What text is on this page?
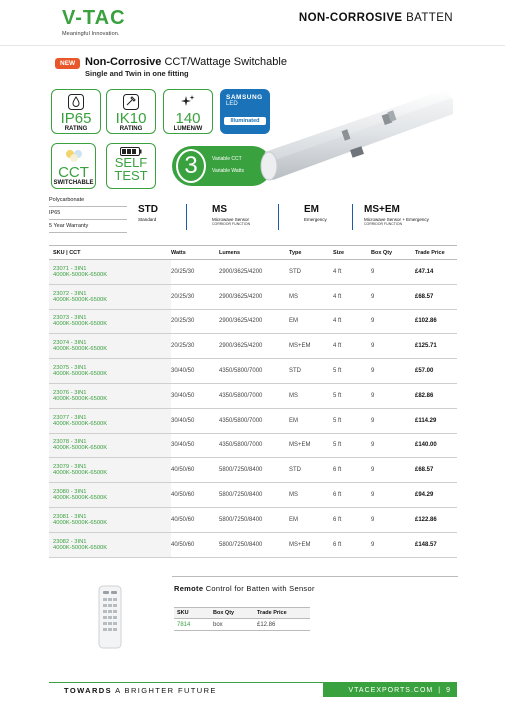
V-TAC
Meaningful Innovation.
NON-CORROSIVE BATTEN
NEW Non-Corrosive CCT/Wattage Switchable
Single and Twin in one fitting
IP65
RATING
IK10
RATING
140
LUMEN/W
SAMSUNG
LED
Illuminated
CCT
SWITCHABLE
SELF
TEST	3	Variable CCT
Variable Watts
Polycarbonate
IP65
5 Year Warranty
STD
Standard
MS
Microwave Sensor
CORRIDOR FUNCTION
EM
Emergency
MS+EM
Microwave Sensor + Emergency
CORRIDOR FUNCTION
SKU | CCT	Watts	Lumens	Type	Size	Box Qty	Trade Price
23071 - 3IN1
4000K-5000K-6500K	20/25/30	2900/3625/4200	STD	4 ft	9	£47.14
23072 - 3IN1
4000K-5000K-6500K	20/25/30	2900/3625/4200	MS	4 ft	9	£68.57
23073 - 3IN1
4000K-5000K-6500K	20/25/30	2900/3625/4200	EM	4 ft	9	£102.86
23074 - 3IN1
4000K-5000K-6500K	20/25/30	2900/3625/4200	MS+EM	4 ft	9	£125.71
23075 - 3IN1
4000K-5000K-6500K	30/40/50	4350/5800/7000	STD	5 ft	9	£57.00
23076 - 3IN1
4000K-5000K-6500K	30/40/50	4350/5800/7000	MS	5 ft	9	£82.86
23077 - 3IN1
4000K-5000K-6500K	30/40/50	4350/5800/7000	EM	5 ft	9	£114.29
23078 - 3IN1
4000K-5000K-6500K	30/40/50	4350/5800/7000	MS+EM	5 ft	9	£140.00
23079 - 3IN1
4000K-5000K-6500K	40/50/60	5800/7250/8400	STD	6 ft	9	£68.57
23080 - 3IN1
4000K-5000K-6500K	40/50/60	5800/7250/8400	MS	6 ft	9	£94.29
23081 - 3IN1
4000K-5000K-6500K	40/50/60	5800/7250/8400	EM	6 ft	9	£122.86
23082 - 3IN1
4000K-5000K-6500K	40/50/60	5800/7250/8400	MS+EM	6 ft	9	£148.57
Remote Control for Batten with Sensor
SKU	Box Qty	Trade Price
7814	box	£12.86
TOWARDS A BRIGHTER FUTURE	VTACEXPORTS.COM | 9
